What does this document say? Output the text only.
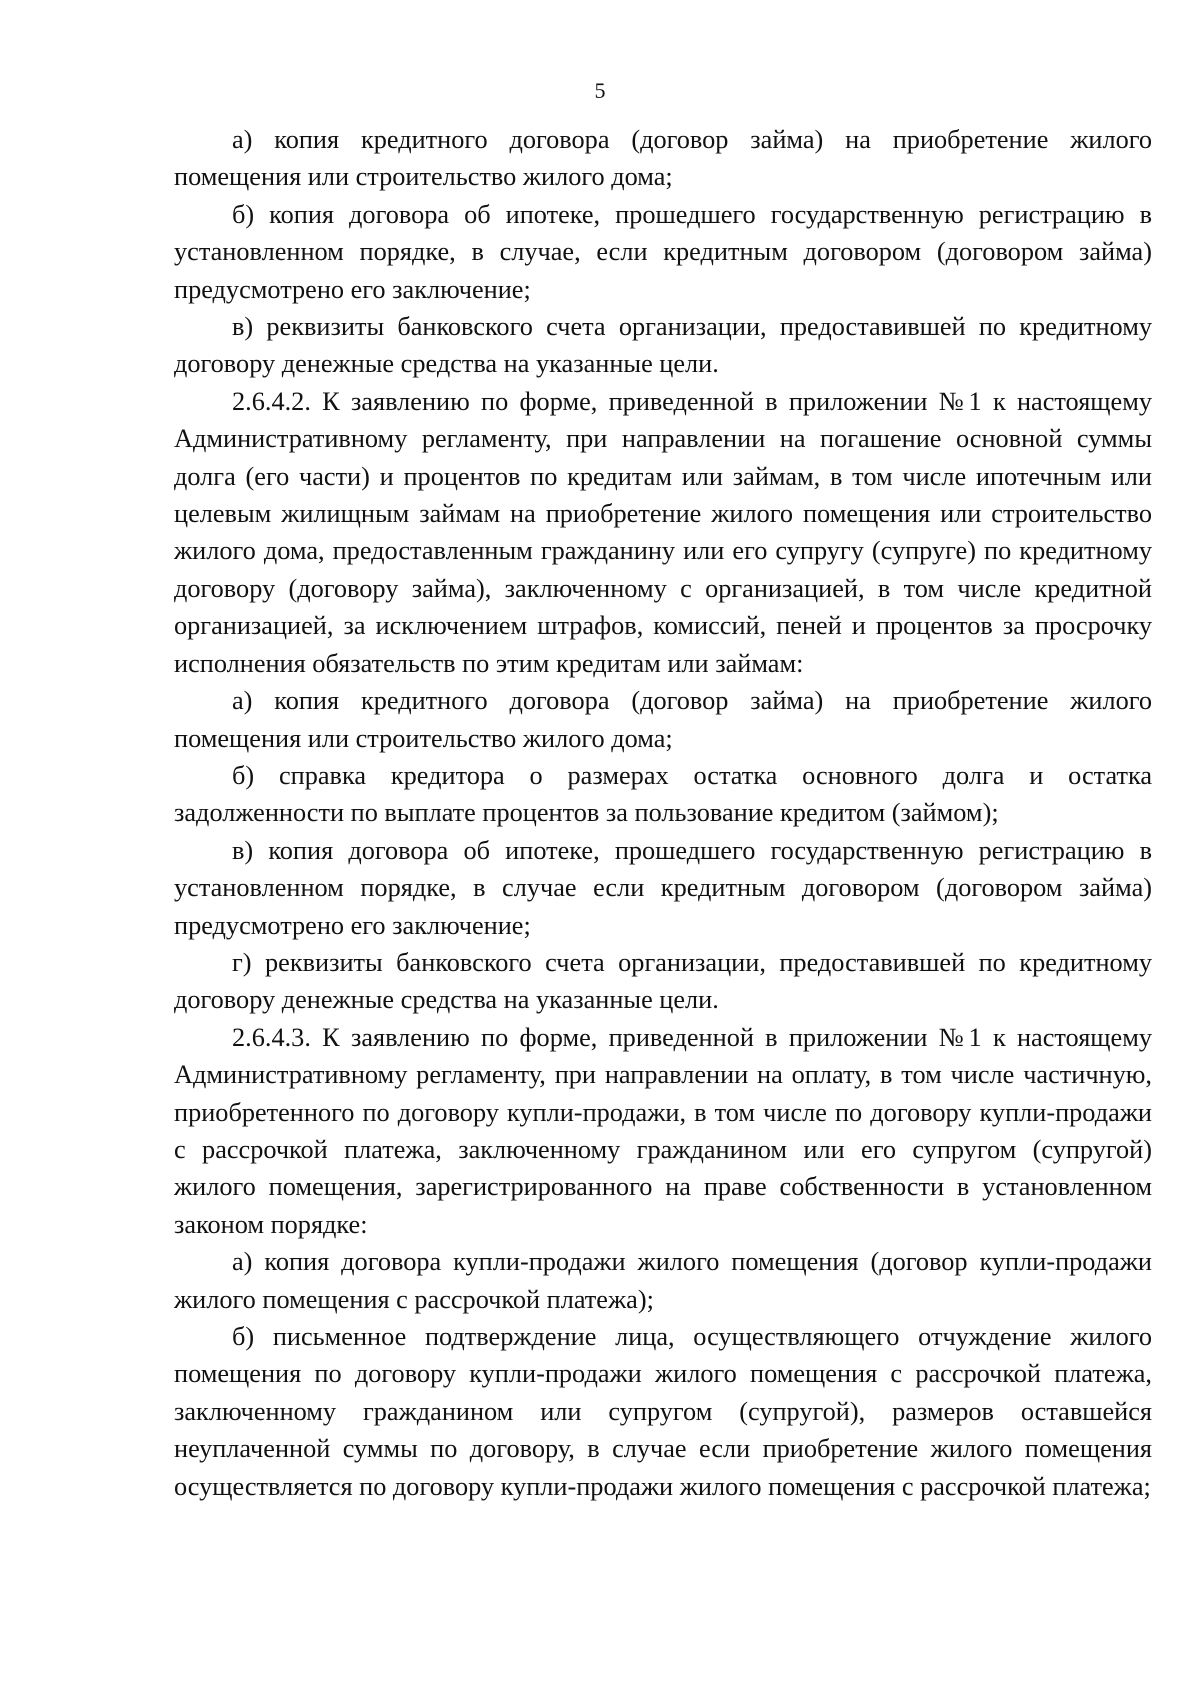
5

а) копия кредитного договора (договор займа) на приобретение жилого помещения или строительство жилого дома;

б) копия договора об ипотеке, прошедшего государственную регистрацию в установленном порядке, в случае, если кредитным договором (договором займа) предусмотрено его заключение;

в) реквизиты банковского счета организации, предоставившей по кредитному договору денежные средства на указанные цели.

2.6.4.2. К заявлению по форме, приведенной в приложении №1 к настоящему Административному регламенту, при направлении на погашение основной суммы долга (его части) и процентов по кредитам или займам, в том числе ипотечным или целевым жилищным займам на приобретение жилого помещения или строительство жилого дома, предоставленным гражданину или его супругу (супруге) по кредитному договору (договору займа), заключенному с организацией, в том числе кредитной организацией, за исключением штрафов, комиссий, пеней и процентов за просрочку исполнения обязательств по этим кредитам или займам:

а) копия кредитного договора (договор займа) на приобретение жилого помещения или строительство жилого дома;

б) справка кредитора о размерах остатка основного долга и остатка задолженности по выплате процентов за пользование кредитом (займом);

в) копия договора об ипотеке, прошедшего государственную регистрацию в установленном порядке, в случае если кредитным договором (договором займа) предусмотрено его заключение;

г) реквизиты банковского счета организации, предоставившей по кредитному договору денежные средства на указанные цели.

2.6.4.3. К заявлению по форме, приведенной в приложении №1 к настоящему Административному регламенту, при направлении на оплату, в том числе частичную, приобретенного по договору купли-продажи, в том числе по договору купли-продажи с рассрочкой платежа, заключенному гражданином или его супругом (супругой) жилого помещения, зарегистрированного на праве собственности в установленном законом порядке:

а) копия договора купли-продажи жилого помещения (договор купли-продажи жилого помещения с рассрочкой платежа);

б) письменное подтверждение лица, осуществляющего отчуждение жилого помещения по договору купли-продажи жилого помещения с рассрочкой платежа, заключенному гражданином или супругом (супругой), размеров оставшейся неуплаченной суммы по договору, в случае если приобретение жилого помещения осуществляется по договору купли-продажи жилого помещения с рассрочкой платежа;
